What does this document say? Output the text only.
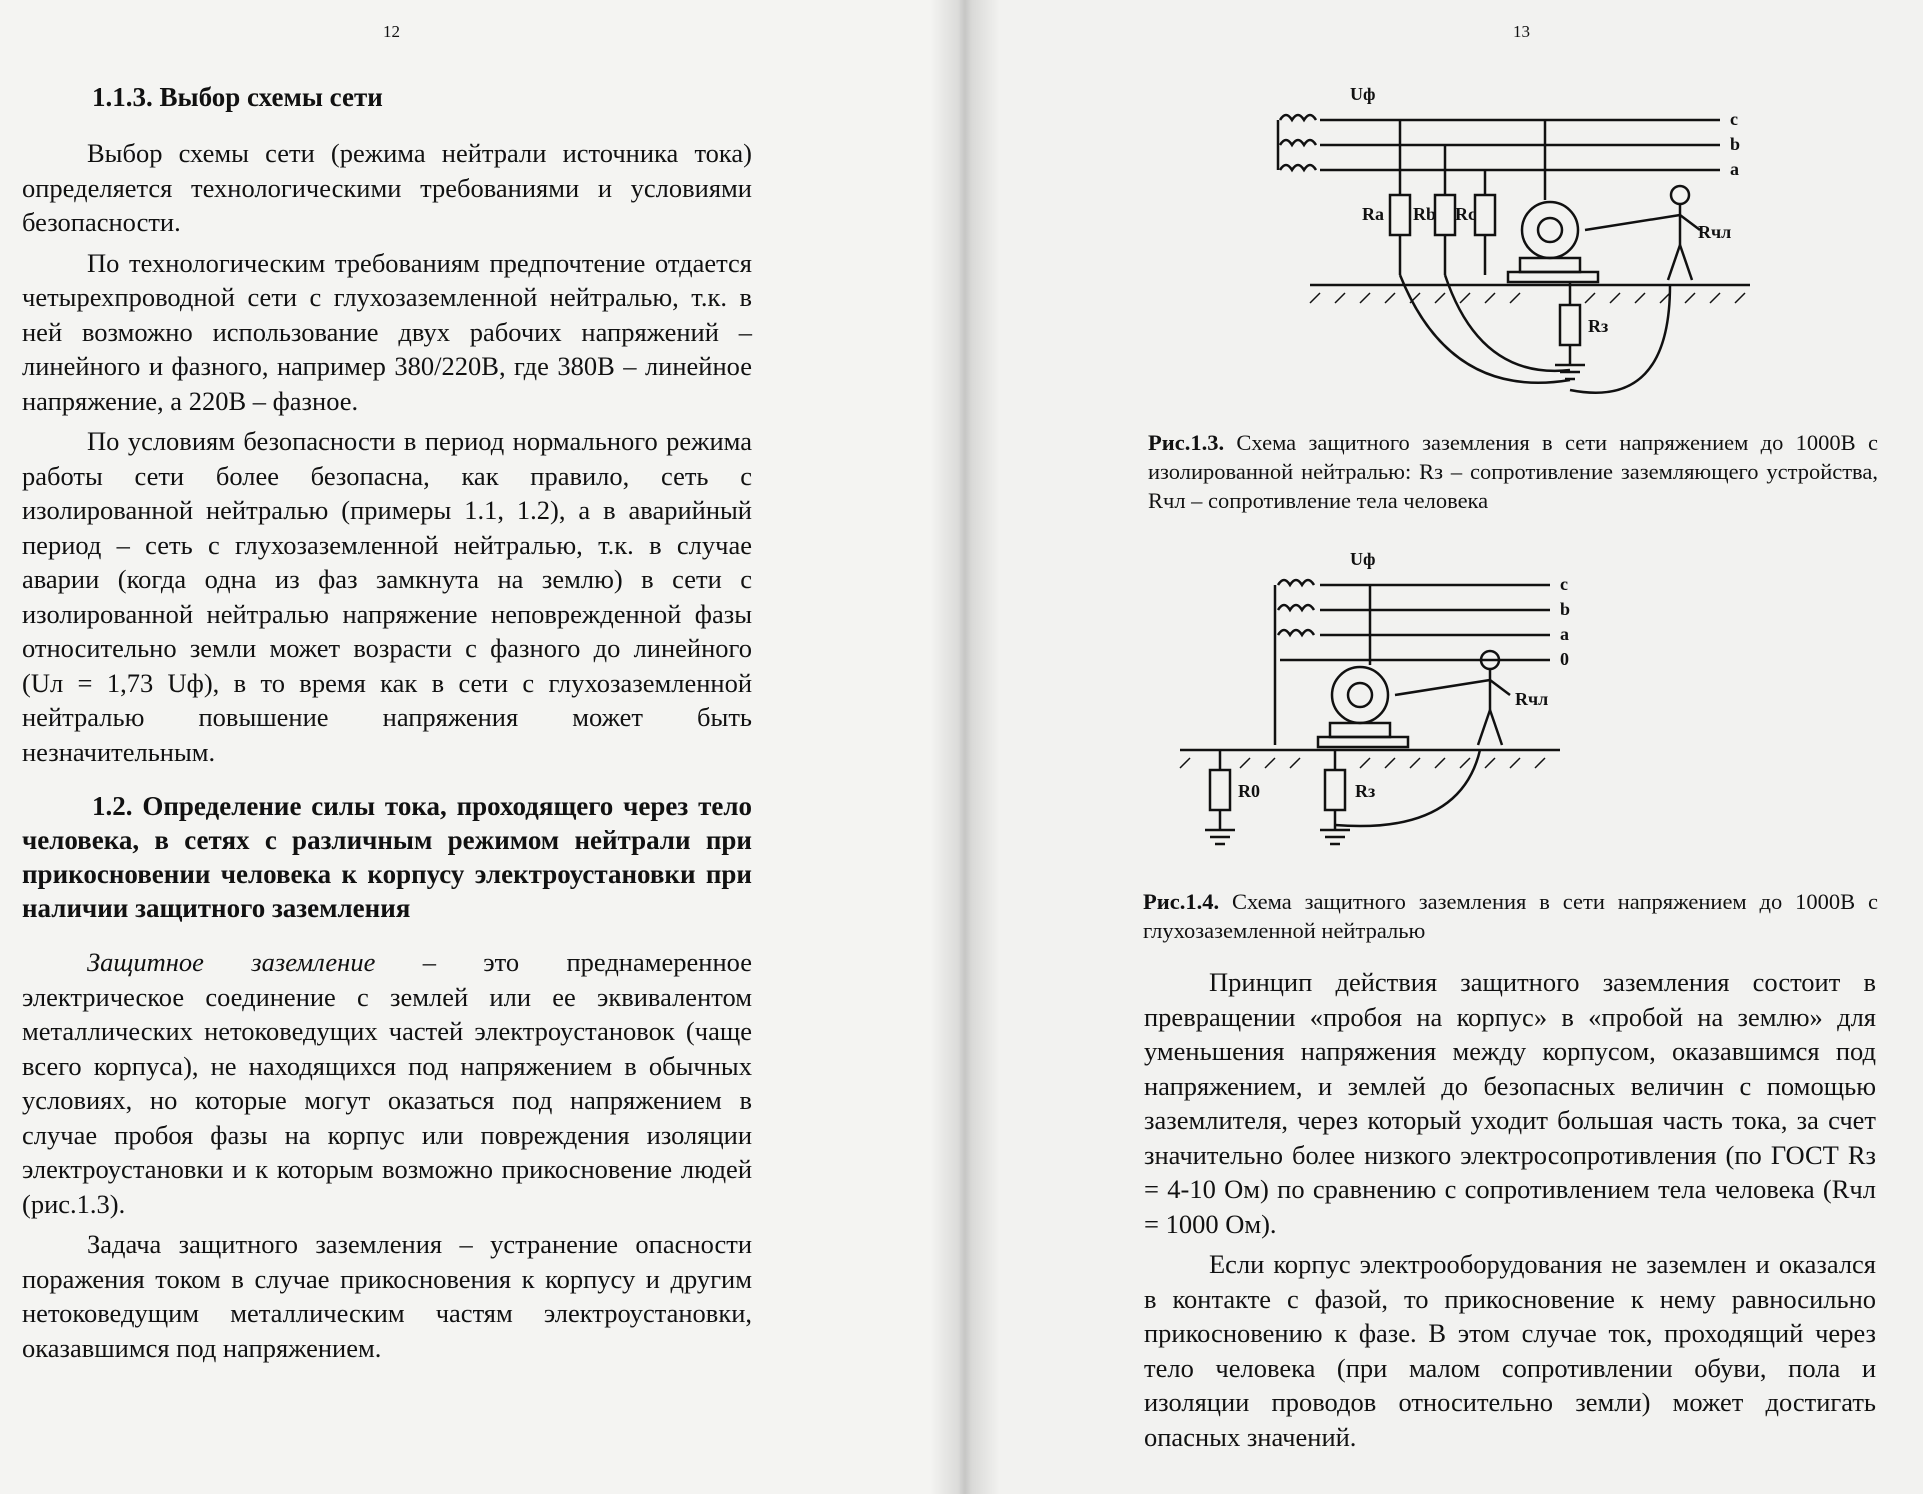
12
1.1.3. Выбор схемы сети

Выбор схемы сети (режима нейтрали источника тока) определяется технологическими требованиями и условиями безопасности.

По технологическим требованиям предпочтение отдается четырехпроводной сети с глухозаземленной нейтралью, т.к. в ней возможно использование двух рабочих напряжений – линейного и фазного, например 380/220В, где 380В – линейное напряжение, а 220В – фазное.

По условиям безопасности в период нормального режима работы сети более безопасна, как правило, сеть с изолированной нейтралью (примеры 1.1, 1.2), а в аварийный период – сеть с глухозаземленной нейтралью, т.к. в случае аварии (когда одна из фаз замкнута на землю) в сети с изолированной нейтралью напряжение неповрежденной фазы относительно земли может возрасти с фазного до линейного (Uл = 1,73 Uф), в то время как в сети с глухозаземленной нейтралью повышение напряжения может быть незначительным.

1.2. Определение силы тока, проходящего через тело человека, в сетях с различным режимом нейтрали при прикосновении человека к корпусу электроустановки при наличии защитного заземления

Защитное заземление – это преднамеренное электрическое соединение с землей или ее эквивалентом металлических нетоковедущих частей электроустановок (чаще всего корпуса), не находящихся под напряжением в обычных условиях, но которые могут оказаться под напряжением в случае пробоя фазы на корпус или повреждения изоляции электроустановки и к которым возможно прикосновение людей (рис.1.3).

Задача защитного заземления – устранение опасности поражения током в случае прикосновения к корпусу и другим нетоковедущим металлическим частям электроустановки, оказавшимся под напряжением.

13
Uф
c
b
a
Ra Rb Rc
Rчл
Rз
Рис.1.3. Схема защитного заземления в сети напряжением до 1000В с изолированной нейтралью: Rз – сопротивление заземляющего устройства, Rчл – сопротивление тела человека
Uф
c
b
a
0
Rчл
R0	Rз
Рис.1.4. Схема защитного заземления в сети напряжением до 1000В с глухозаземленной нейтралью

Принцип действия защитного заземления состоит в превращении «пробоя на корпус» в «пробой на землю» для уменьшения напряжения между корпусом, оказавшимся под напряжением, и землей до безопасных величин с помощью заземлителя, через который уходит большая часть тока, за счет значительно более низкого электросопротивления (по ГОСТ Rз = 4-10 Ом) по сравнению с сопротивлением тела человека (Rчл = 1000 Ом).

Если корпус электрооборудования не заземлен и оказался в контакте с фазой, то прикосновение к нему равносильно прикосновению к фазе. В этом случае ток, проходящий через тело человека (при малом сопротивлении обуви, пола и изоляции проводов относительно земли) может достигать опасных значений.
